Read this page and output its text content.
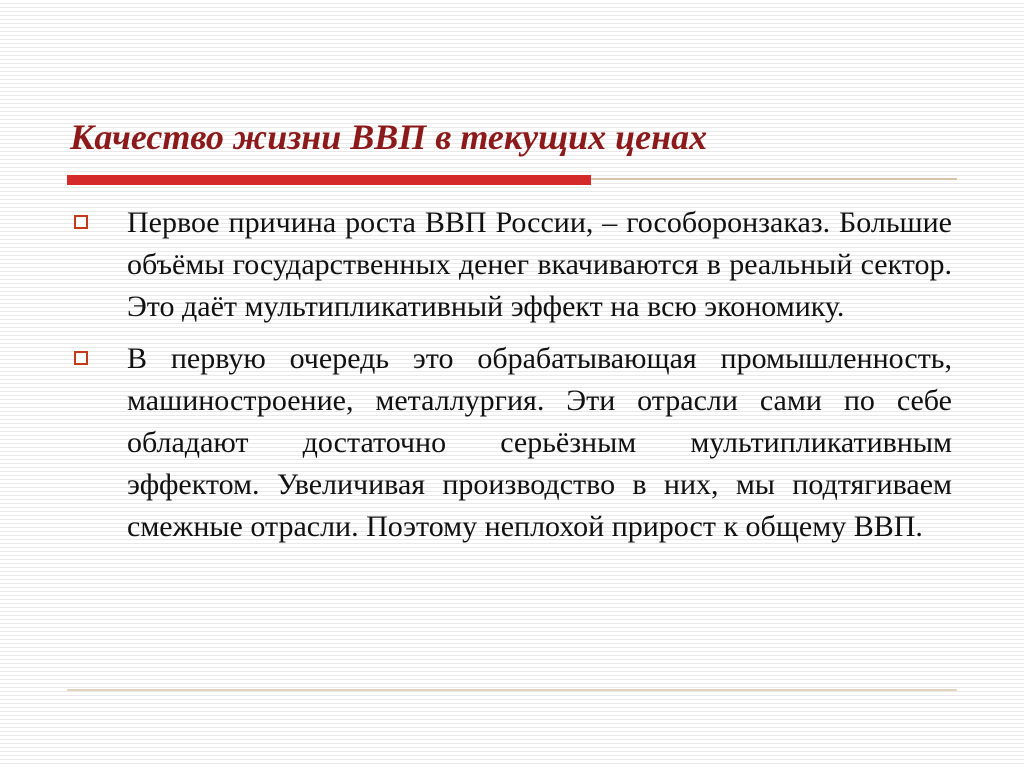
Качество жизни ВВП в текущих ценах
Первое причина роста ВВП России, – гособоронзаказ. Большие объёмы государственных денег вкачиваются в реальный сектор. Это даёт мультипликативный эффект на всю экономику.
В первую очередь это обрабатывающая промышленность, машиностроение, металлургия. Эти отрасли сами по себе обладают достаточно серьёзным мультипликативным эффектом. Увеличивая производство в них, мы подтягиваем смежные отрасли. Поэтому неплохой прирост к общему ВВП.
